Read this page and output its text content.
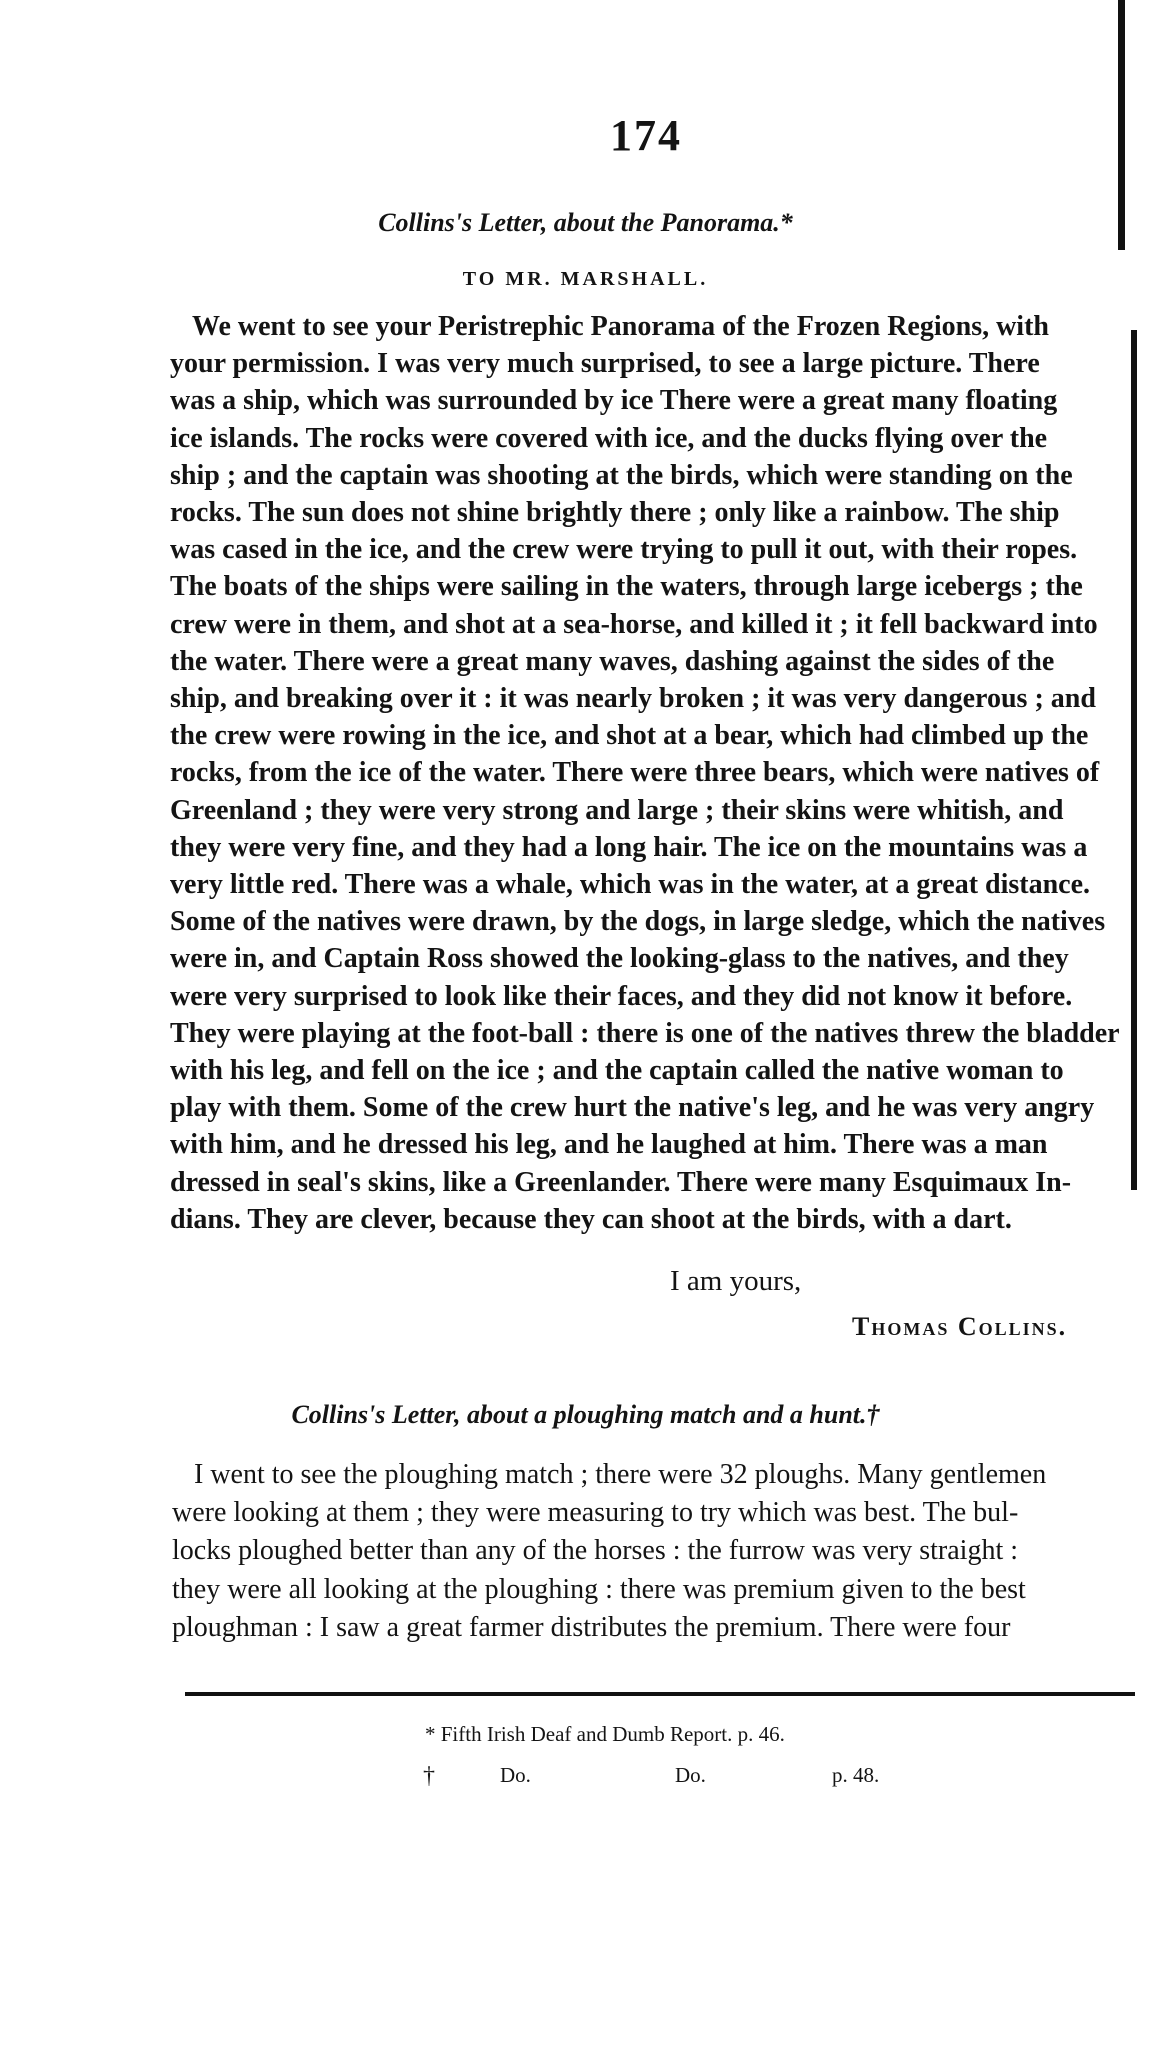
174
Collins's Letter, about the Panorama.*
TO MR. MARSHALL.
We went to see your Peristrephic Panorama of the Frozen Regions, with
your permission. I was very much surprised, to see a large picture. There
was a ship, which was surrounded by ice There were a great many floating
ice islands. The rocks were covered with ice, and the ducks flying over the
ship ; and the captain was shooting at the birds, which were standing on the
rocks. The sun does not shine brightly there ; only like a rainbow. The ship
was cased in the ice, and the crew were trying to pull it out, with their ropes.
The boats of the ships were sailing in the waters, through large icebergs ; the
crew were in them, and shot at a sea-horse, and killed it ; it fell backward into
the water. There were a great many waves, dashing against the sides of the
ship, and breaking over it : it was nearly broken ; it was very dangerous ; and
the crew were rowing in the ice, and shot at a bear, which had climbed up the
rocks, from the ice of the water. There were three bears, which were natives of
Greenland ; they were very strong and large ; their skins were whitish, and
they were very fine, and they had a long hair. The ice on the mountains was a
very little red. There was a whale, which was in the water, at a great distance.
Some of the natives were drawn, by the dogs, in large sledge, which the natives
were in, and Captain Ross showed the looking-glass to the natives, and they
were very surprised to look like their faces, and they did not know it before.
They were playing at the foot-ball : there is one of the natives threw the bladder
with his leg, and fell on the ice ; and the captain called the native woman to
play with them. Some of the crew hurt the native's leg, and he was very angry
with him, and he dressed his leg, and he laughed at him. There was a man
dressed in seal's skins, like a Greenlander. There were many Esquimaux In-
dians. They are clever, because they can shoot at the birds, with a dart.
I am yours,
Thomas Collins.
Collins's Letter, about a ploughing match and a hunt.†
I went to see the ploughing match ; there were 32 ploughs. Many gentlemen
were looking at them ; they were measuring to try which was best. The bul-
locks ploughed better than any of the horses : the furrow was very straight :
they were all looking at the ploughing : there was premium given to the best
ploughman : I saw a great farmer distributes the premium. There were four
* Fifth Irish Deaf and Dumb Report. p. 46.
†	Do.	Do.	p. 48.
